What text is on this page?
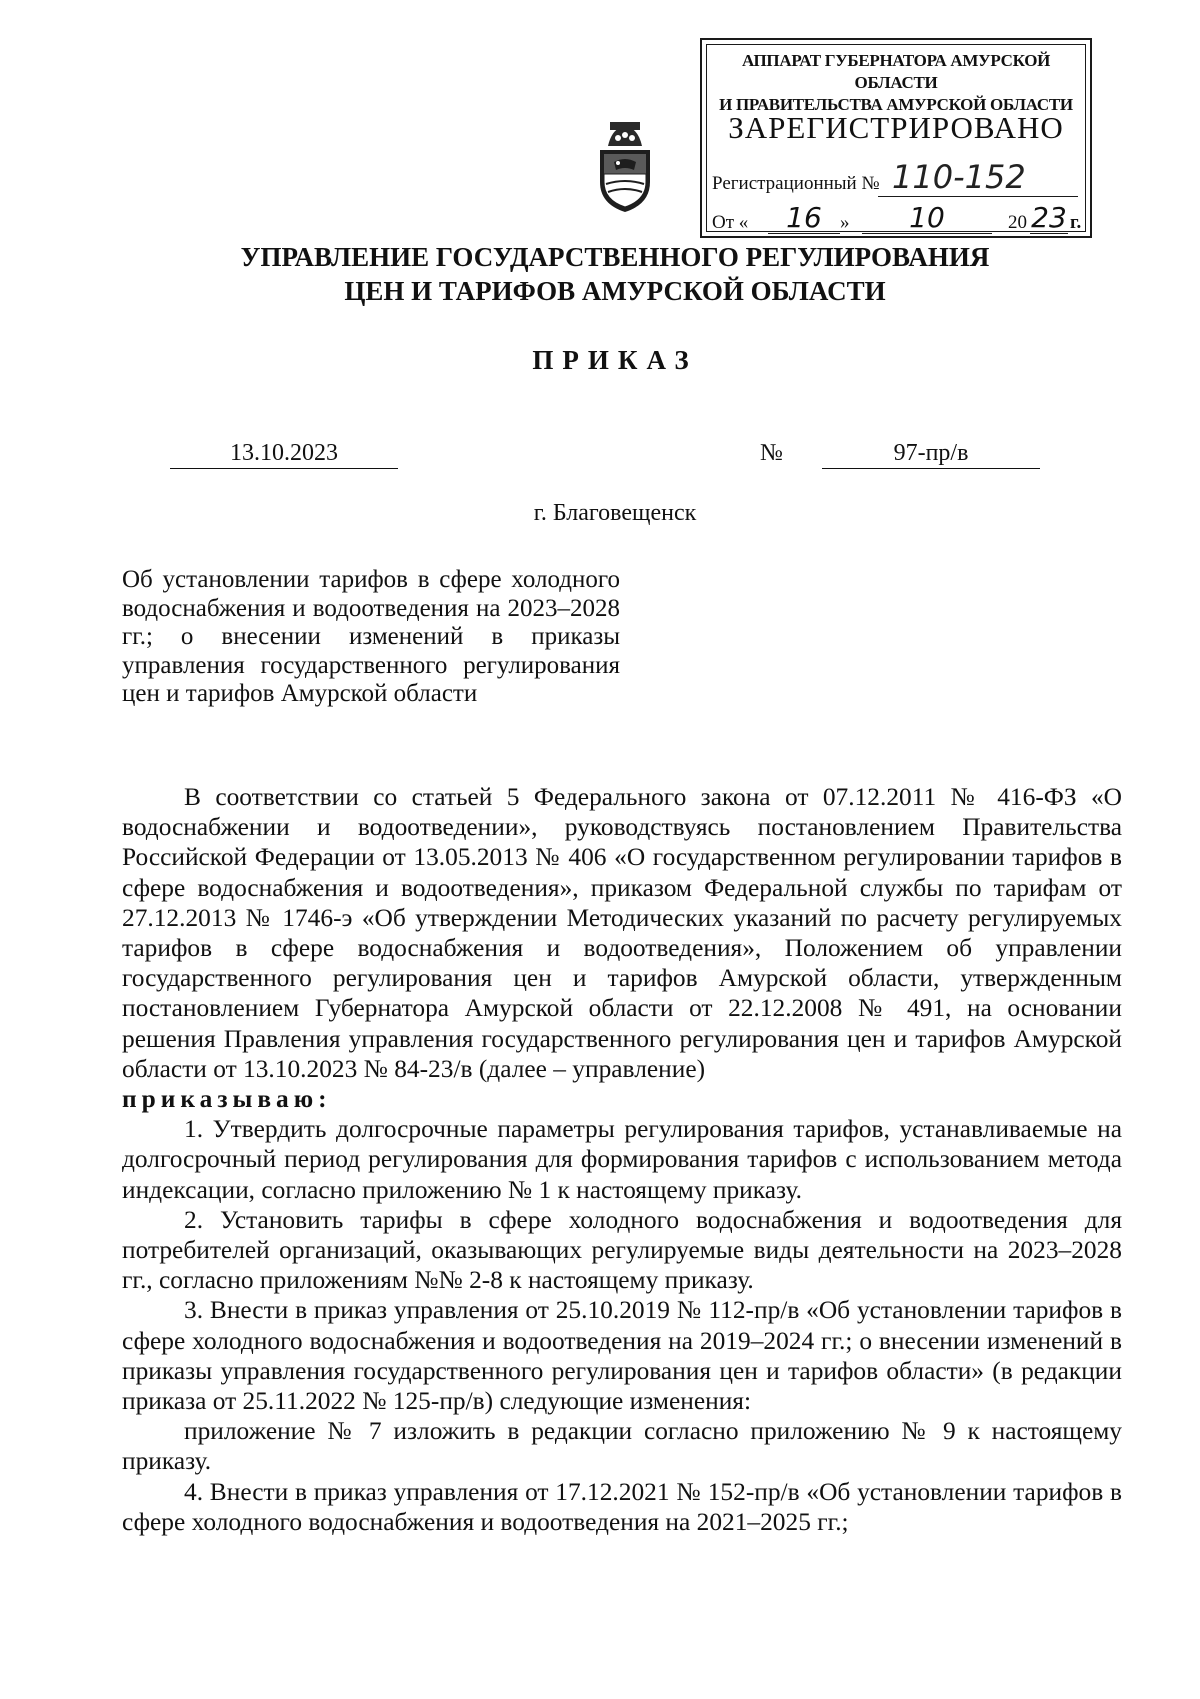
АППАРАТ ГУБЕРНАТОРА АМУРСКОЙ ОБЛАСТИ
И ПРАВИТЕЛЬСТВА АМУРСКОЙ ОБЛАСТИ
ЗАРЕГИСТРИРОВАНО
Регистрационный № 110-152
От «	16 »	10	20 23 г.
УПРАВЛЕНИЕ ГОСУДАРСТВЕННОГО РЕГУЛИРОВАНИЯ
ЦЕН И ТАРИФОВ АМУРСКОЙ ОБЛАСТИ
ПРИКАЗ
13.10.2023	№	97-пр/в
г. Благовещенск
Об установлении тарифов в сфере холодного водоснабжения и водоотведения на 2023–2028 гг.; о внесении изменений в приказы управления государственного регулирования цен и тарифов Амурской области

В соответствии со статьей 5 Федерального закона от 07.12.2011 № 416-ФЗ «О водоснабжении и водоотведении», руководствуясь постановлением Правительства Российской Федерации от 13.05.2013 № 406 «О государственном регулировании тарифов в сфере водоснабжения и водоотведения», приказом Федеральной службы по тарифам от 27.12.2013 № 1746-э «Об утверждении Методических указаний по расчету регулируемых тарифов в сфере водоснабжения и водоотведения», Положением об управлении государственного регулирования цен и тарифов Амурской области, утвержденным постановлением Губернатора Амурской области от 22.12.2008 № 491, на основании решения Правления управления государственного регулирования цен и тарифов Амурской области от 13.10.2023 № 84-23/в (далее – управление)

приказываю:

1. Утвердить долгосрочные параметры регулирования тарифов, устанавливаемые на долгосрочный период регулирования для формирования тарифов с использованием метода индексации, согласно приложению № 1 к настоящему приказу.

2. Установить тарифы в сфере холодного водоснабжения и водоотведения для потребителей организаций, оказывающих регулируемые виды деятельности на 2023–2028 гг., согласно приложениям №№ 2-8 к настоящему приказу.

3. Внести в приказ управления от 25.10.2019 № 112-пр/в «Об установлении тарифов в сфере холодного водоснабжения и водоотведения на 2019–2024 гг.; о внесении изменений в приказы управления государственного регулирования цен и тарифов области» (в редакции приказа от 25.11.2022 № 125-пр/в) следующие изменения:

приложение № 7 изложить в редакции согласно приложению № 9 к настоящему приказу.

4. Внести в приказ управления от 17.12.2021 № 152-пр/в «Об установлении тарифов в сфере холодного водоснабжения и водоотведения на 2021–2025 гг.;
